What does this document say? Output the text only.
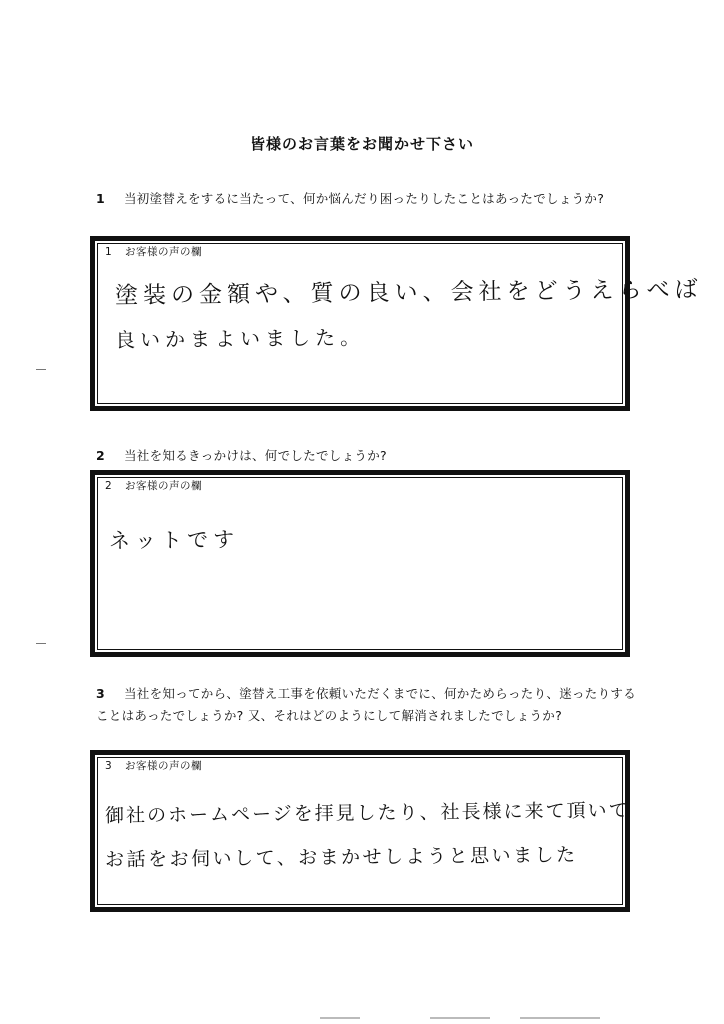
皆様のお言葉をお聞かせ下さい
1 当初塗替えをするに当たって、何か悩んだり困ったりしたことはあったでしょうか?
1 お客様の声の欄
塗装の金額や、質の良い、会社をどうえらべば
良いかまよいました。
2 当社を知るきっかけは、何でしたでしょうか?
2 お客様の声の欄
ネットです
3 当社を知ってから、塗替え工事を依頼いただくまでに、何かためらったり、迷ったりすることはあったでしょうか? 又、それはどのようにして解消されましたでしょうか?
3 お客様の声の欄
御社のホームページを拝見したり、社長様に来て頂いて
お話をお伺いして、おまかせしようと思いました
